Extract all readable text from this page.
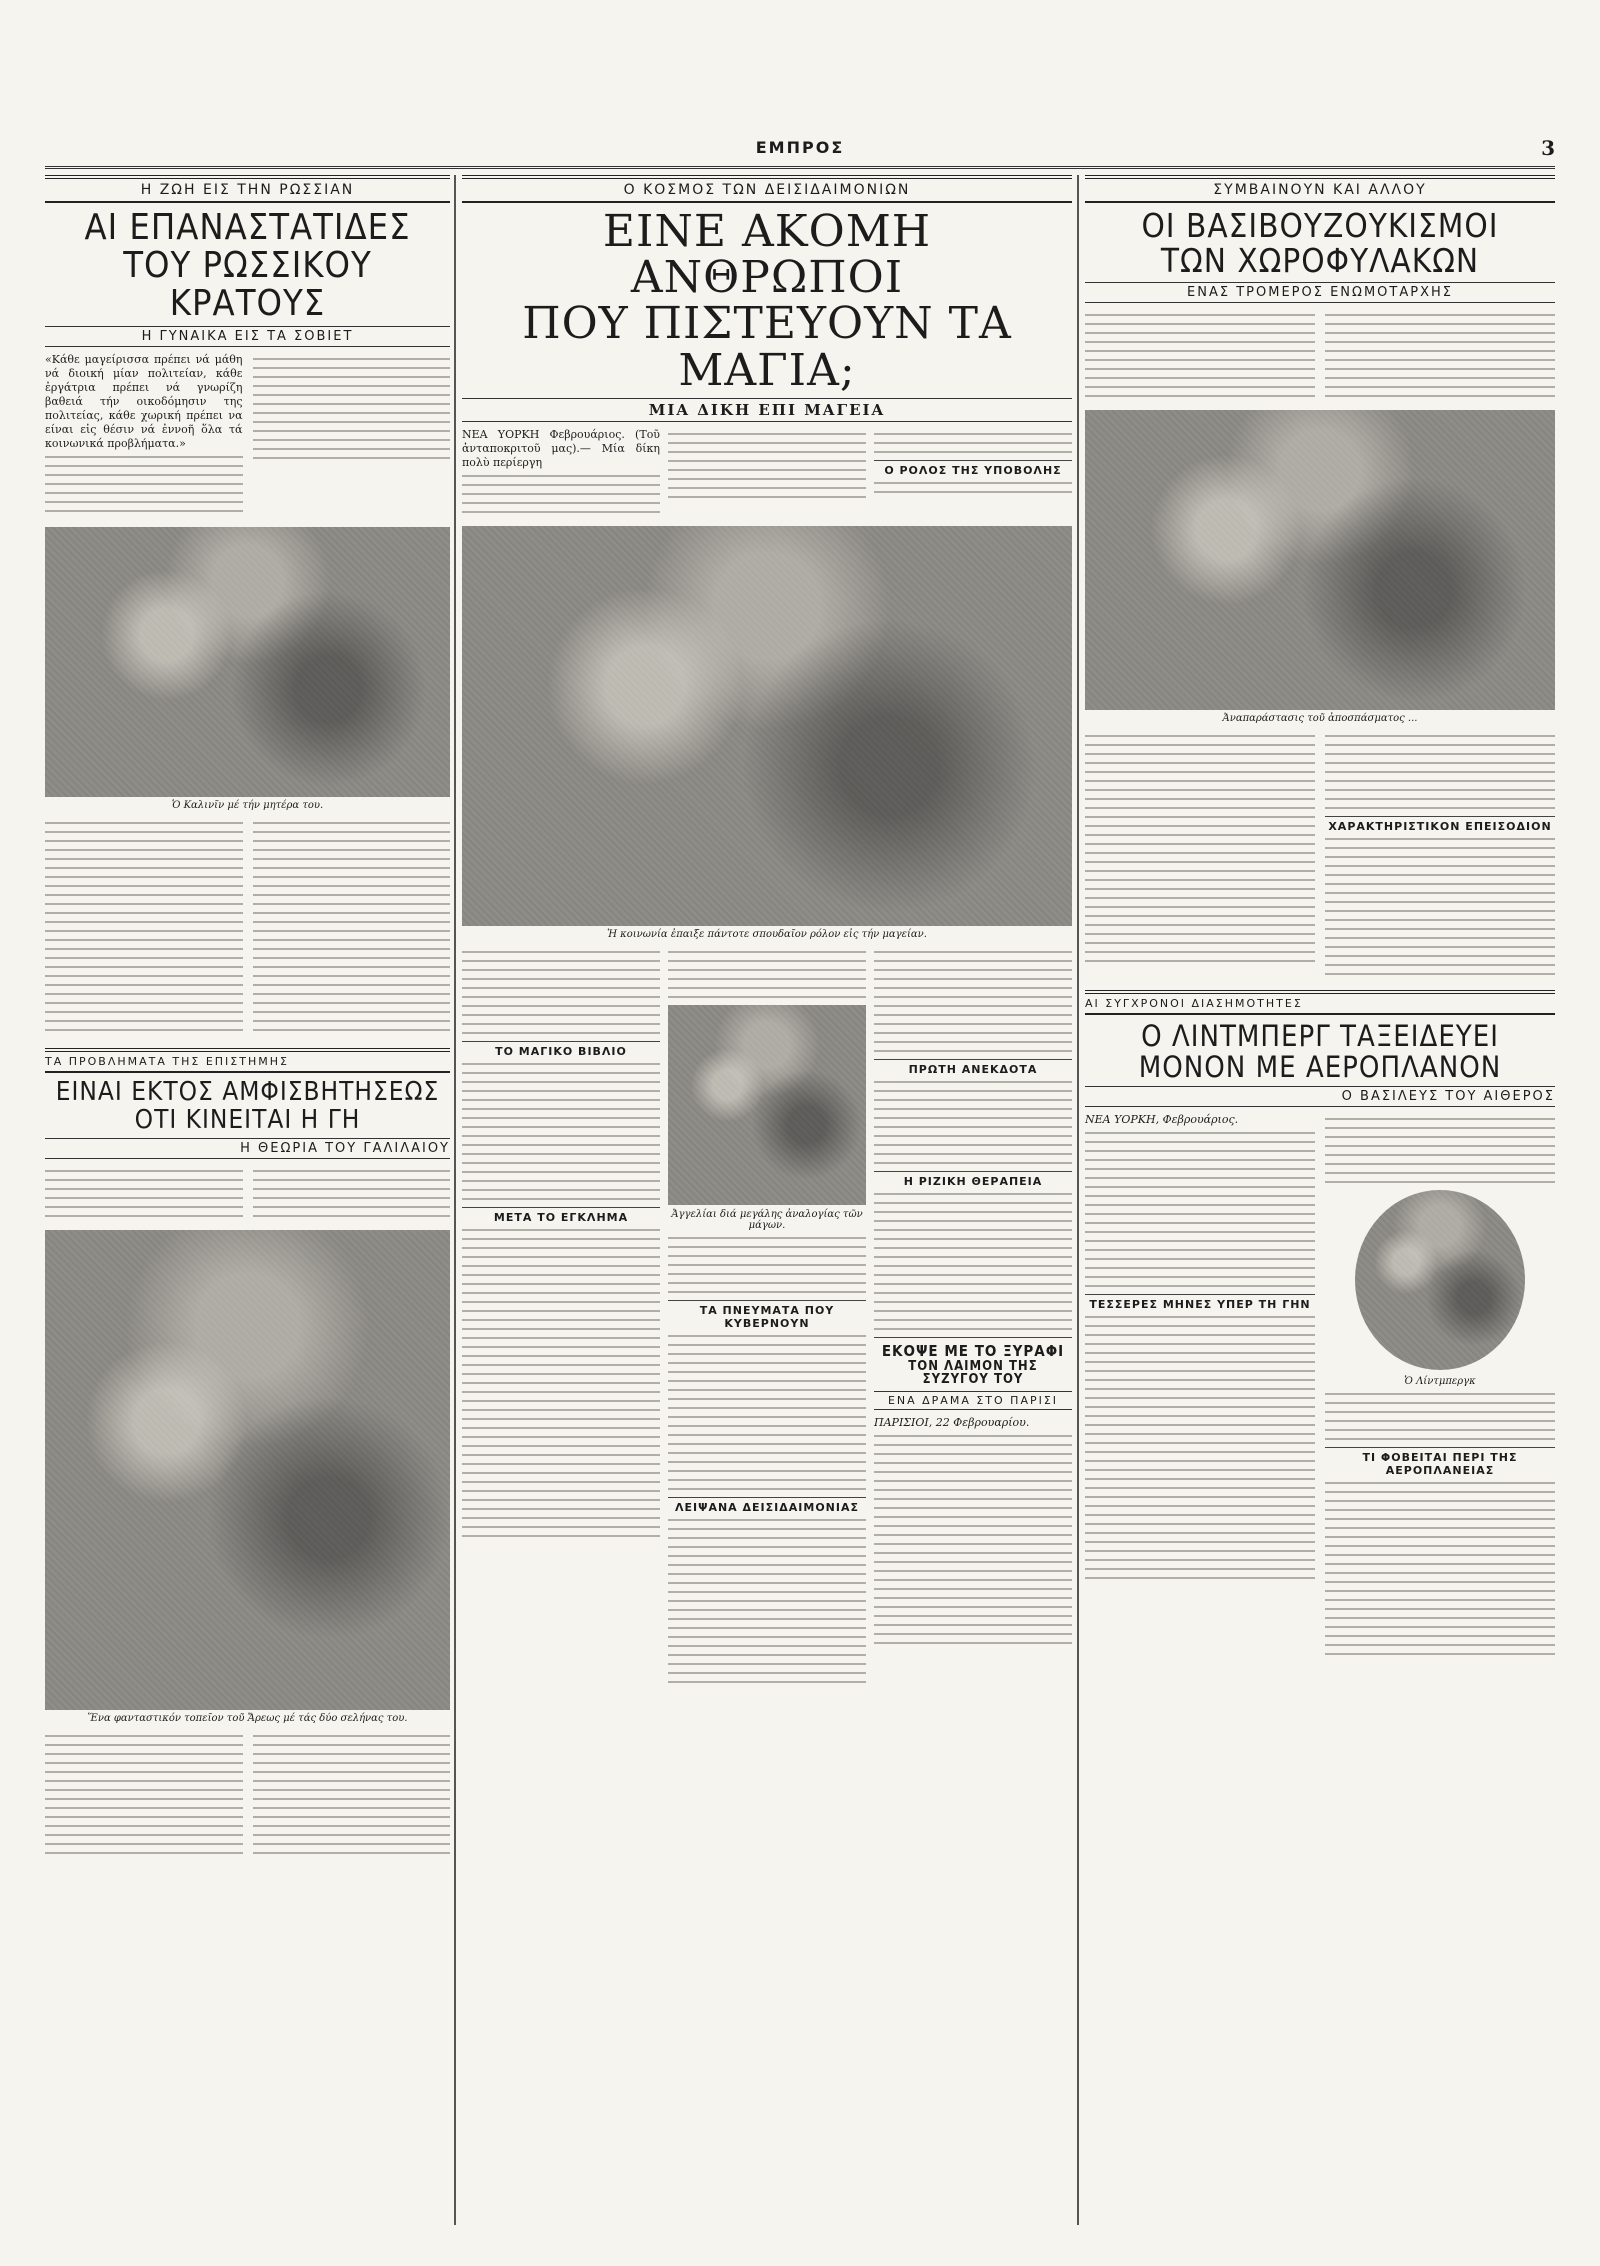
ΕΜΠΡΟΣ	3
Η ΖΩΗ ΕΙΣ ΤΗΝ ΡΩΣΣΙΑΝ
ΑΙ ΕΠΑΝΑΣΤΑΤΙΔΕΣ
ΤΟΥ ΡΩΣΣΙΚΟΥ ΚΡΑΤΟΥΣ
Η ΓΥΝΑΙΚΑ ΕΙΣ ΤΑ ΣΟΒΙΕΤ
«Κάθε μαγείρισσα πρέπει νά μάθη νά διοική μίαν πολιτείαν, κάθε ἐργάτρια πρέπει νά γνωρίζη βαθειά τήν οικοδόμησιν της πολιτείας, κάθε χωρική πρέπει να είναι εἰς θέσιν νά ἐννοῆ ὅλα τά κοινωνικά προβλήματα.»
Ὁ Καλινῖν μέ τήν μητέρα του.
ΤΑ ΠΡΟΒΛΗΜΑΤΑ ΤΗΣ ΕΠΙΣΤΗΜΗΣ
ΕΙΝΑΙ ΕΚΤΟΣ ΑΜΦΙΣΒΗΤΗΣΕΩΣ
ΟΤΙ ΚΙΝΕΙΤΑΙ Η ΓΗ
Η ΘΕΩΡΙΑ ΤΟΥ ΓΑΛΙΛΑΙΟΥ
Ἕνα φανταστικόν τοπεῖον τοῦ Ἄρεως μέ τάς δύο σελήνας του.
Ο ΚΟΣΜΟΣ ΤΩΝ ΔΕΙΣΙΔΑΙΜΟΝΙΩΝ
ΕΙΝΕ ΑΚΟΜΗ ΑΝΘΡΩΠΟΙ
ΠΟΥ ΠΙΣΤΕΥΟΥΝ ΤΑ ΜΑΓΙΑ;
ΜΙΑ ΔΙΚΗ ΕΠΙ ΜΑΓΕΙΑ
ΝΕΑ ΥΟΡΚΗ Φεβρουάριος. (Τοῦ ἀνταποκριτοῦ μας).— Μία δίκη πολὺ περίεργη
Ο ΡΟΛΟΣ ΤΗΣ ΥΠΟΒΟΛΗΣ
Ἡ κοινωνία ἐπαιξε πάντοτε σπουδαῖον ρόλον εἰς τήν μαγείαν.
ΤΟ ΜΑΓΙΚΟ ΒΙΒΛΙΟ
ΜΕΤΑ ΤΟ ΕΓΚΛΗΜΑ	Ἀγγελίαι διά μεγάλης ἀναλογίας τῶν μάγων.
ΤΑ ΠΝΕΥΜΑΤΑ ΠΟΥ ΚΥΒΕΡΝΟΥΝ
ΛΕΙΨΑΝΑ ΔΕΙΣΙΔΑΙΜΟΝΙΑΣ
ΠΡΩΤΗ ΑΝΕΚΔΟΤΑ
Η ΡΙΖΙΚΗ ΘΕΡΑΠΕΙΑ
ΕΚΟΨΕ ΜΕ ΤΟ ΞΥΡΑΦΙ
ΤΟΝ ΛΑΙΜΟΝ ΤΗΣ ΣΥΖΥΓΟΥ ΤΟΥ
ΕΝΑ ΔΡΑΜΑ ΣΤΟ ΠΑΡΙΣΙ
ΠΑΡΙΣΙΟΙ, 22 Φεβρουαρίου.
ΣΥΜΒΑΙΝΟΥΝ ΚΑΙ ΑΛΛΟΥ
ΟΙ ΒΑΣΙΒΟΥΖΟΥΚΙΣΜΟΙ
ΤΩΝ ΧΩΡΟΦΥΛΑΚΩΝ
ΕΝΑΣ ΤΡΟΜΕΡΟΣ ΕΝΩΜΟΤΑΡΧΗΣ
Ἀναπαράστασις τοῦ ἀποσπάσματος ...
ΧΑΡΑΚΤΗΡΙΣΤΙΚΟΝ ΕΠΕΙΣΟΔΙΟΝ
ΑΙ ΣΥΓΧΡΟΝΟΙ ΔΙΑΣΗΜΟΤΗΤΕΣ
Ο ΛΙΝΤΜΠΕΡΓ ΤΑΞΕΙΔΕΥΕΙ
ΜΟΝΟΝ ΜΕ ΑΕΡΟΠΛΑΝΟΝ
Ο ΒΑΣΙΛΕΥΣ ΤΟΥ ΑΙΘΕΡΟΣ
ΝΕΑ ΥΟΡΚΗ, Φεβρουάριος.
ΤΕΣΣΕΡΕΣ ΜΗΝΕΣ ΥΠΕΡ ΤΗ ΓΗΝ
Ὁ Λίντμπεργκ
ΤΙ ΦΟΒΕΙΤΑΙ ΠΕΡΙ ΤΗΣ ΑΕΡΟΠΛΑΝΕΙΑΣ
